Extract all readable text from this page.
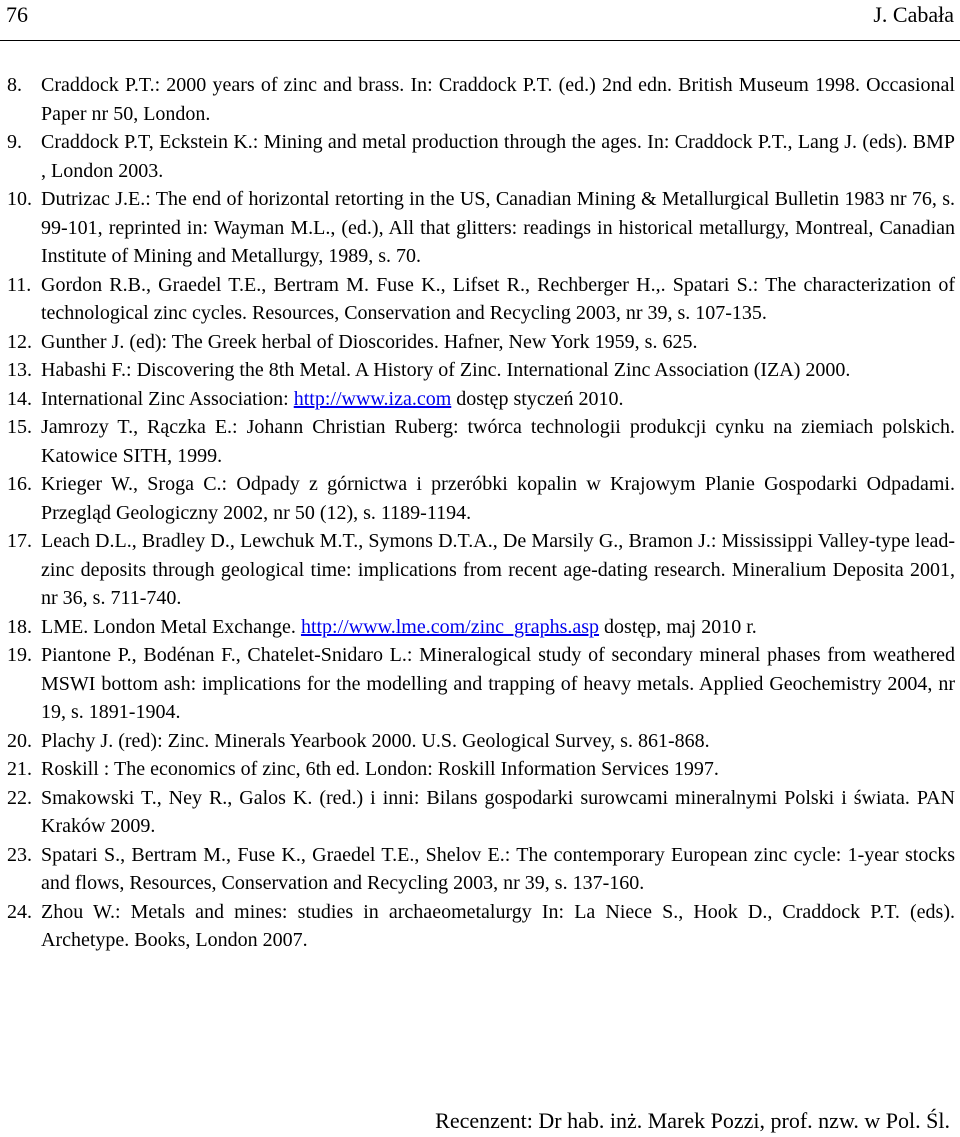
76	J. Cabała
8. Craddock P.T.: 2000 years of zinc and brass. In: Craddock P.T. (ed.) 2nd edn. British Museum 1998. Occasional Paper nr 50, London.
9. Craddock P.T, Eckstein K.: Mining and metal production through the ages. In: Craddock P.T., Lang J. (eds). BMP , London 2003.
10. Dutrizac J.E.: The end of horizontal retorting in the US, Canadian Mining & Metallurgical Bulletin 1983 nr 76, s. 99-101, reprinted in: Wayman M.L., (ed.), All that glitters: readings in historical metallurgy, Montreal, Canadian Institute of Mining and Metallurgy, 1989, s. 70.
11. Gordon R.B., Graedel T.E., Bertram M. Fuse K., Lifset R., Rechberger H.,. Spatari S.: The characterization of technological zinc cycles. Resources, Conservation and Recycling 2003, nr 39, s. 107-135.
12. Gunther J. (ed): The Greek herbal of Dioscorides. Hafner, New York 1959, s. 625.
13. Habashi F.: Discovering the 8th Metal. A History of Zinc. International Zinc Association (IZA) 2000.
14. International Zinc Association: http://www.iza.com dostęp styczeń 2010.
15. Jamrozy T., Rączka E.: Johann Christian Ruberg: twórca technologii produkcji cynku na ziemiach polskich. Katowice SITH, 1999.
16. Krieger W., Sroga C.: Odpady z górnictwa i przeróbki kopalin w Krajowym Planie Gospodarki Odpadami. Przegląd Geologiczny 2002, nr 50 (12), s. 1189-1194.
17. Leach D.L., Bradley D., Lewchuk M.T., Symons D.T.A., De Marsily G., Bramon J.: Mississippi Valley-type lead-zinc deposits through geological time: implications from recent age-dating research. Mineralium Deposita 2001, nr 36, s. 711-740.
18. LME. London Metal Exchange. http://www.lme.com/zinc_graphs.asp dostęp, maj 2010 r.
19. Piantone P., Bodénan F., Chatelet-Snidaro L.: Mineralogical study of secondary mineral phases from weathered MSWI bottom ash: implications for the modelling and trapping of heavy metals. Applied Geochemistry 2004, nr 19, s. 1891-1904.
20. Plachy J. (red): Zinc. Minerals Yearbook 2000. U.S. Geological Survey, s. 861-868.
21. Roskill : The economics of zinc, 6th ed. London: Roskill Information Services 1997.
22. Smakowski T., Ney R., Galos K. (red.) i inni: Bilans gospodarki surowcami mineralnymi Polski i świata. PAN Kraków 2009.
23. Spatari S., Bertram M., Fuse K., Graedel T.E., Shelov E.: The contemporary European zinc cycle: 1-year stocks and flows, Resources, Conservation and Recycling 2003, nr 39, s. 137-160.
24. Zhou W.: Metals and mines: studies in archaeometalurgy In: La Niece S., Hook D., Craddock P.T. (eds). Archetype. Books, London 2007.
Recenzent: Dr hab. inż. Marek Pozzi, prof. nzw. w Pol. Śl.
